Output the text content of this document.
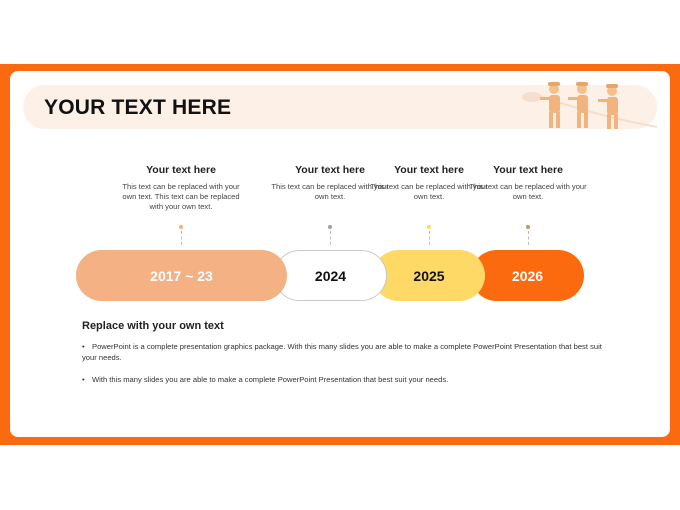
YOUR TEXT HERE
Your text here
This text can be replaced with your own text. This text can be replaced with your own text.
Your text here
This text can be replaced with your own text.
Your text here
This text can be replaced with your own text.
Your text here
This text can be replaced with your own text.
2026
2025
2024
2017 ~ 23
Replace with your own text
• PowerPoint is a complete presentation graphics package. With this many slides you are able to make a complete PowerPoint Presentation that best suit your needs.
• With this many slides you are able to make a complete PowerPoint Presentation that best suit your needs.
